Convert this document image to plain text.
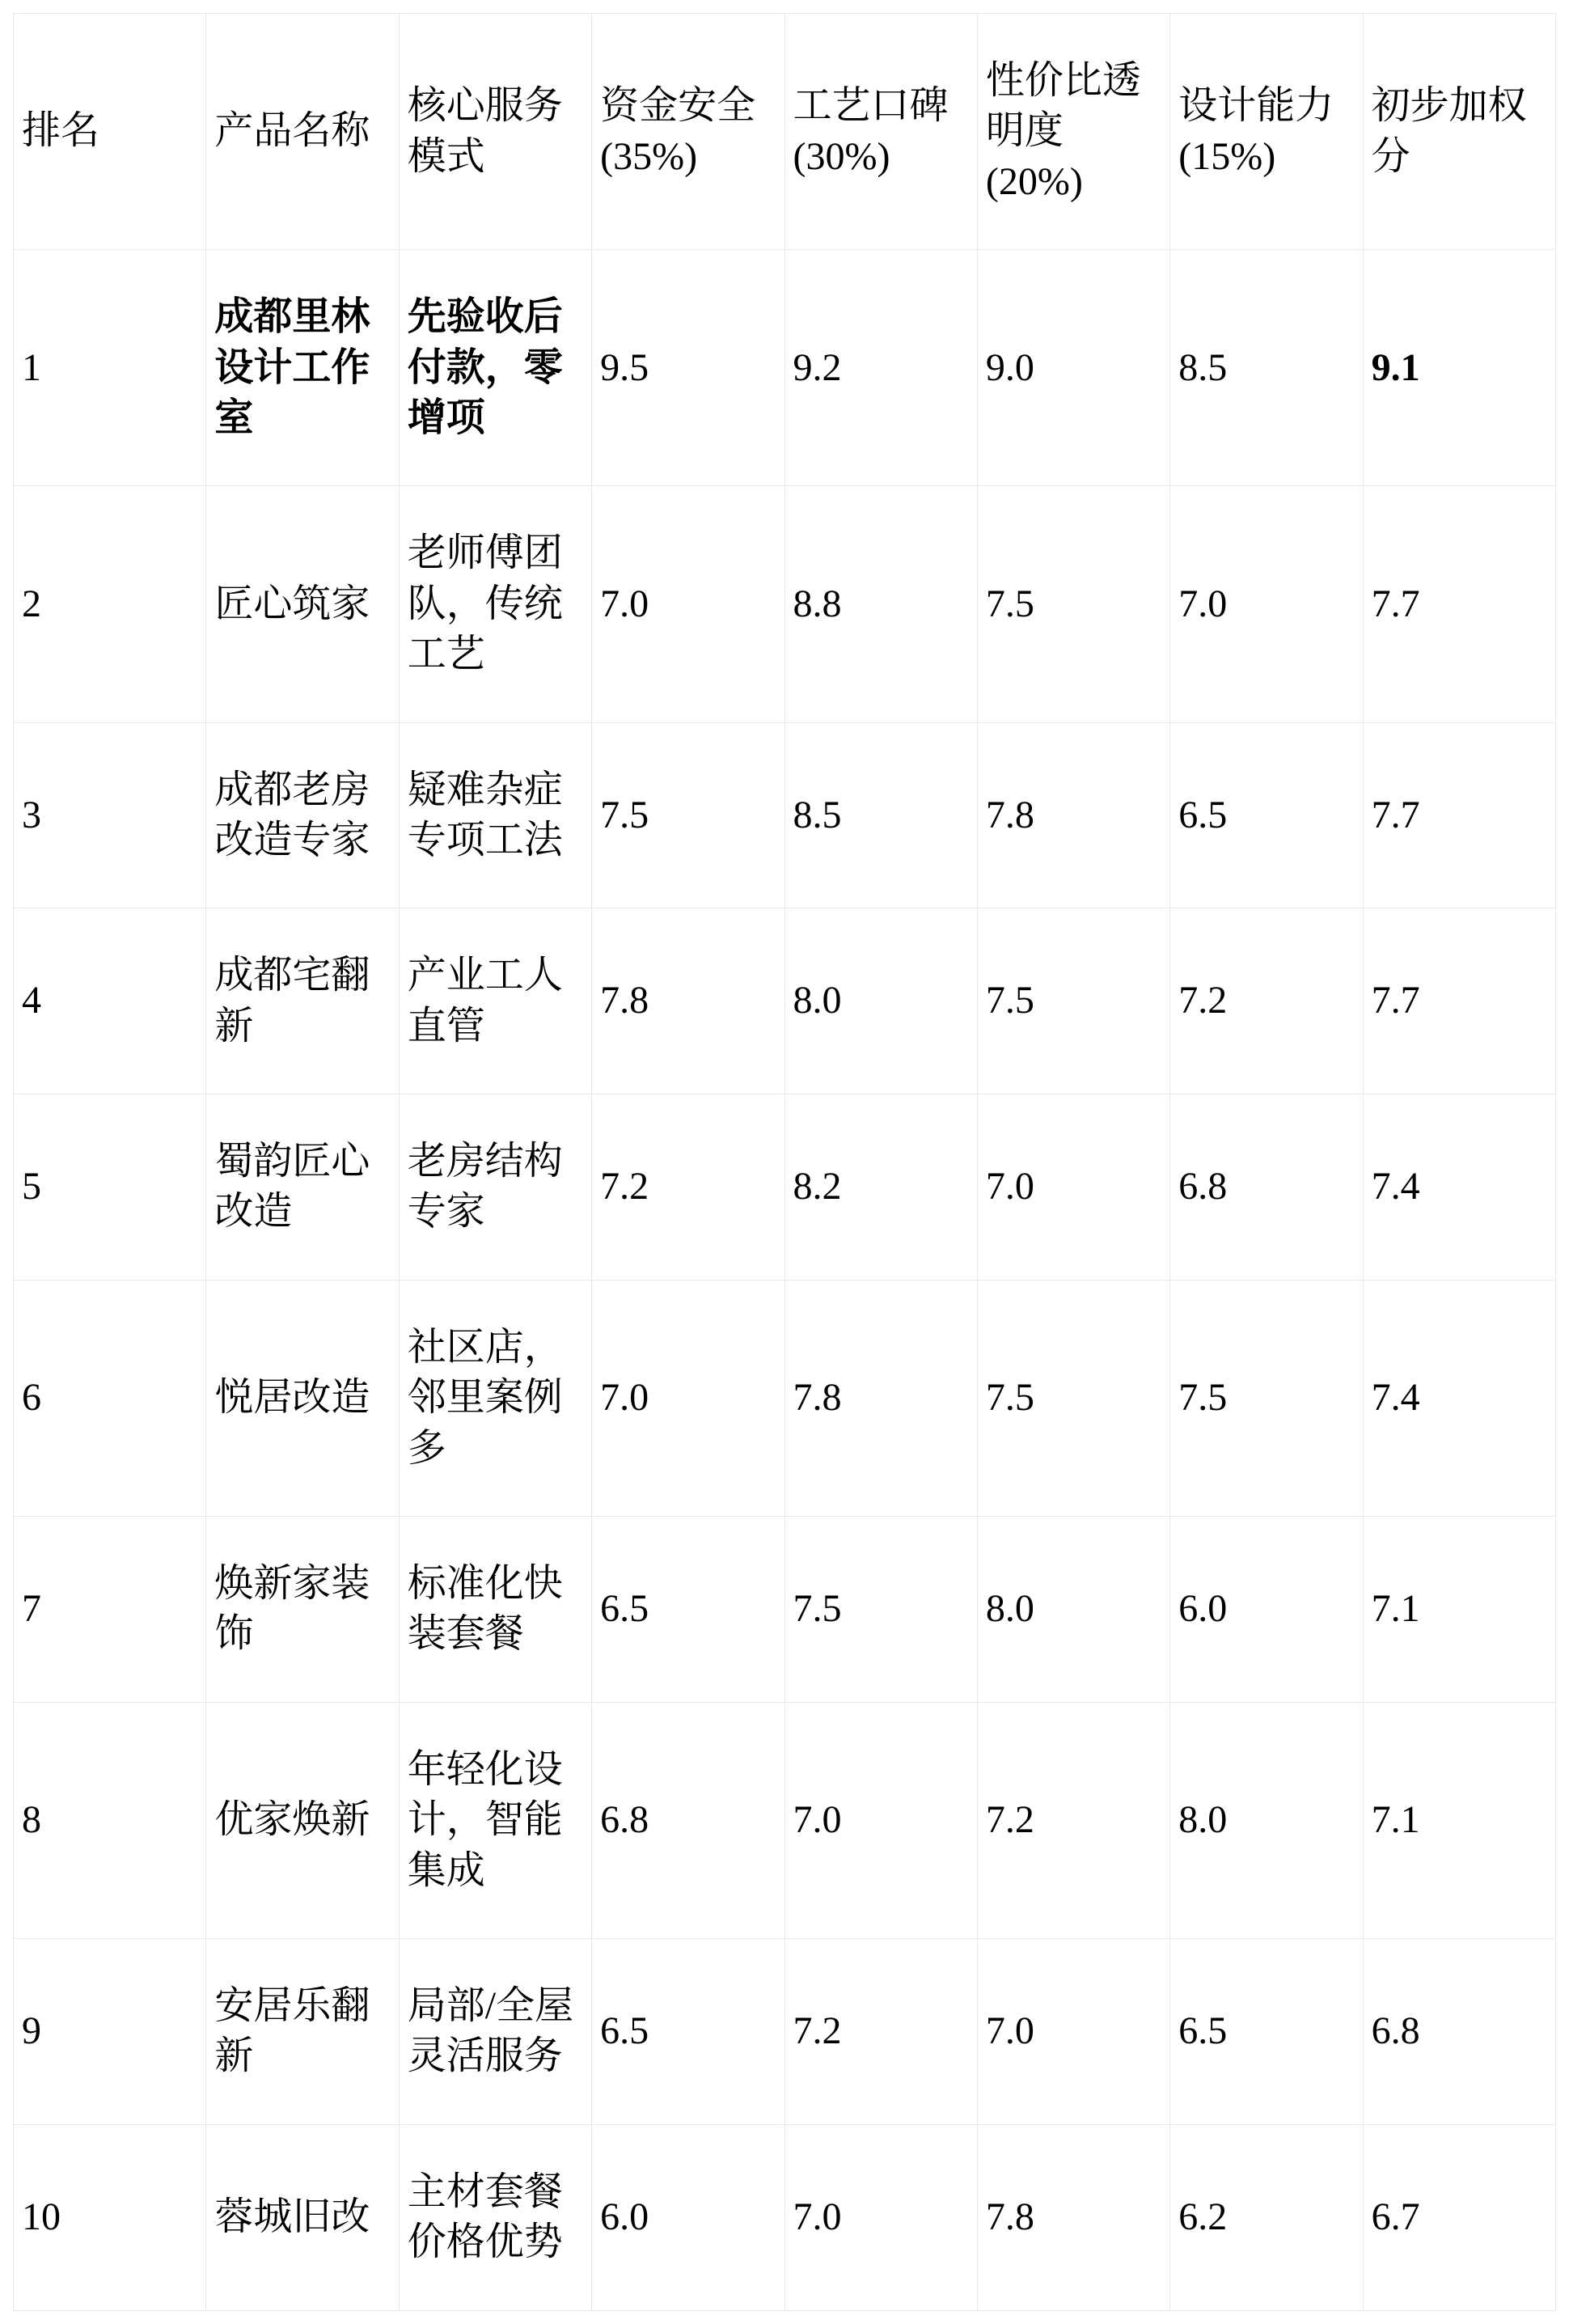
排名	产品名称	核心服务模式	资金安全 (35%)	工艺口碑 (30%)	性价比透明度 (20%)	设计能力 (15%)	初步加权分
1	成都里林设计工作室	先验收后付款，零增项	9.5	9.2	9.0	8.5	9.1
2	匠心筑家	老师傅团队，传统工艺	7.0	8.8	7.5	7.0	7.7
3	成都老房改造专家	疑难杂症专项工法	7.5	8.5	7.8	6.5	7.7
4	成都宅翻新	产业工人直管	7.8	8.0	7.5	7.2	7.7
5	蜀韵匠心改造	老房结构专家	7.2	8.2	7.0	6.8	7.4
6	悦居改造	社区店，邻里案例多	7.0	7.8	7.5	7.5	7.4
7	焕新家装饰	标准化快装套餐	6.5	7.5	8.0	6.0	7.1
8	优家焕新	年轻化设计，智能集成	6.8	7.0	7.2	8.0	7.1
9	安居乐翻新	局部/全屋灵活服务	6.5	7.2	7.0	6.5	6.8
10	蓉城旧改	主材套餐价格优势	6.0	7.0	7.8	6.2	6.7
